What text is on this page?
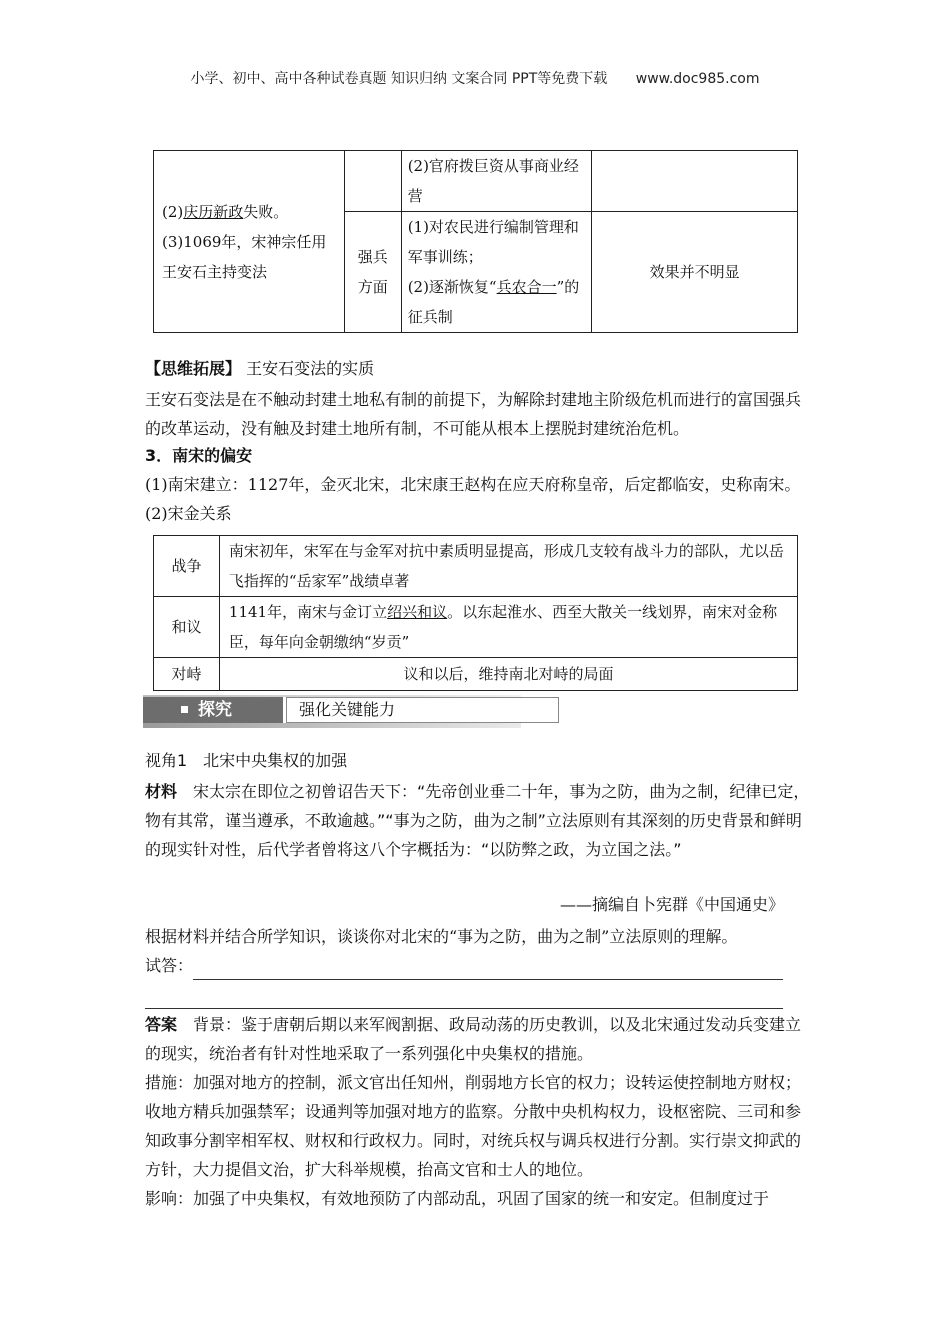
小学、初中、高中各种试卷真题 知识归纳 文案合同 PPT等免费下载 www.doc985.com
(2)庆历新政失败。
(3)1069年，宋神宗任用王安石主持变法		(2)官府拨巨资从事商业经营	
	强兵方面	(1)对农民进行编制管理和军事训练；
(2)逐渐恢复“兵农合一”的征兵制	效果并不明显
【思维拓展】 王安石变法的实质
王安石变法是在不触动封建土地私有制的前提下，为解除封建地主阶级危机而进行的富国强兵的改革运动，没有触及封建土地所有制，不可能从根本上摆脱封建统治危机。
3．南宋的偏安
(1)南宋建立：1127年，金灭北宋，北宋康王赵构在应天府称皇帝，后定都临安，史称南宋。
(2)宋金关系
战争	南宋初年，宋军在与金军对抗中素质明显提高，形成几支较有战斗力的部队，尤以岳飞指挥的“岳家军”战绩卓著
和议	1141年，南宋与金订立绍兴和议。以东起淮水、西至大散关一线划界，南宋对金称臣，每年向金朝缴纳“岁贡”
对峙	议和以后，维持南北对峙的局面
探究	强化关键能力
视角1　北宋中央集权的加强
材料　 宋太宗在即位之初曾诏告天下：“先帝创业垂二十年，事为之防，曲为之制，纪律已定，物有其常，谨当遵承，不敢逾越。”“事为之防，曲为之制”立法原则有其深刻的历史背景和鲜明的现实针对性，后代学者曾将这八个字概括为：“以防弊之政，为立国之法。”
——摘编自卜宪群《中国通史》
根据材料并结合所学知识，谈谈你对北宋的“事为之防，曲为之制”立法原则的理解。
试答：
答案　 背景：鉴于唐朝后期以来军阀割据、政局动荡的历史教训，以及北宋通过发动兵变建立的现实，统治者有针对性地采取了一系列强化中央集权的措施。
措施：加强对地方的控制，派文官出任知州，削弱地方长官的权力；设转运使控制地方财权；收地方精兵加强禁军；设通判等加强对地方的监察。分散中央机构权力，设枢密院、三司和参知政事分割宰相军权、财权和行政权力。同时，对统兵权与调兵权进行分割。实行崇文抑武的方针，大力提倡文治，扩大科举规模，抬高文官和士人的地位。
影响：加强了中央集权，有效地预防了内部动乱，巩固了国家的统一和安定。但制度过于
